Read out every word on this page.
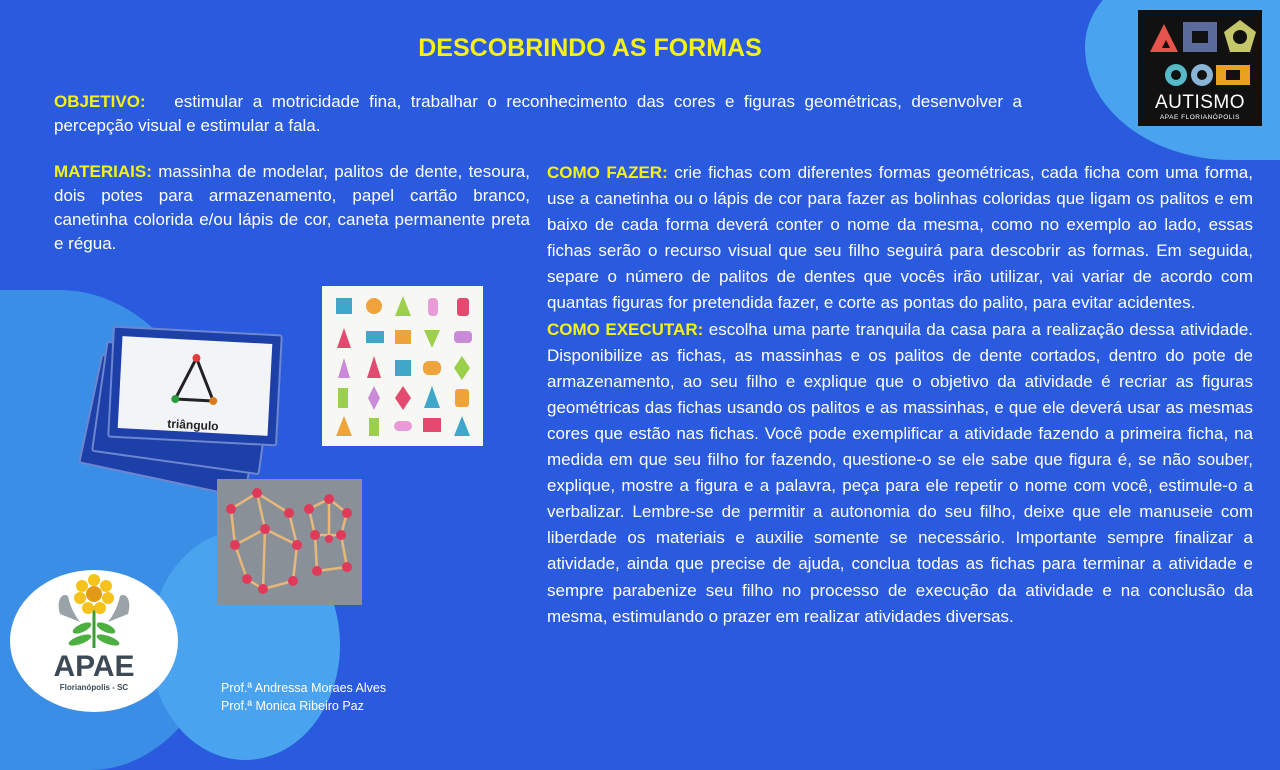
DESCOBRINDO AS FORMAS

OBJETIVO: estimular a motricidade fina, trabalhar o reconhecimento das cores e figuras geométricas, desenvolver a percepção visual e estimular a fala.

MATERIAIS: massinha de modelar, palitos de dente, tesoura, dois potes para armazenamento, papel cartão branco, canetinha colorida e/ou lápis de cor, caneta permanente preta e régua.

COMO FAZER: crie fichas com diferentes formas geométricas, cada ficha com uma forma, use a canetinha ou o lápis de cor para fazer as bolinhas coloridas que ligam os palitos e em baixo de cada forma deverá conter o nome da mesma, como no exemplo ao lado, essas fichas serão o recurso visual que seu filho seguirá para descobrir as formas. Em seguida, separe o número de palitos de dentes que vocês irão utilizar, vai variar de acordo com quantas figuras for pretendida fazer, e corte as pontas do palito, para evitar acidentes.

COMO EXECUTAR: escolha uma parte tranquila da casa para a realização dessa atividade. Disponibilize as fichas, as massinhas e os palitos de dente cortados, dentro do pote de armazenamento, ao seu filho e explique que o objetivo da atividade é recriar as figuras geométricas das fichas usando os palitos e as massinhas, e que ele deverá usar as mesmas cores que estão nas fichas. Você pode exemplificar a atividade fazendo a primeira ficha, na medida em que seu filho for fazendo, questione-o se ele sabe que figura é, se não souber, explique, mostre a figura e a palavra, peça para ele repetir o nome com você, estimule-o a verbalizar. Lembre-se de permitir a autonomia do seu filho, deixe que ele manuseie com liberdade os materiais e auxilie somente se necessário. Importante sempre finalizar a atividade, ainda que precise de ajuda, conclua todas as fichas para terminar a atividade e sempre parabenize seu filho no processo de execução da atividade e na conclusão da mesma, estimulando o prazer em realizar atividades diversas.

AUTISMO
APAE FLORIANÓPOLIS
triângulo
APAE
Florianópolis - SC	Prof.ª Andressa Moraes Alves
Prof.ª Monica Ribeiro Paz
